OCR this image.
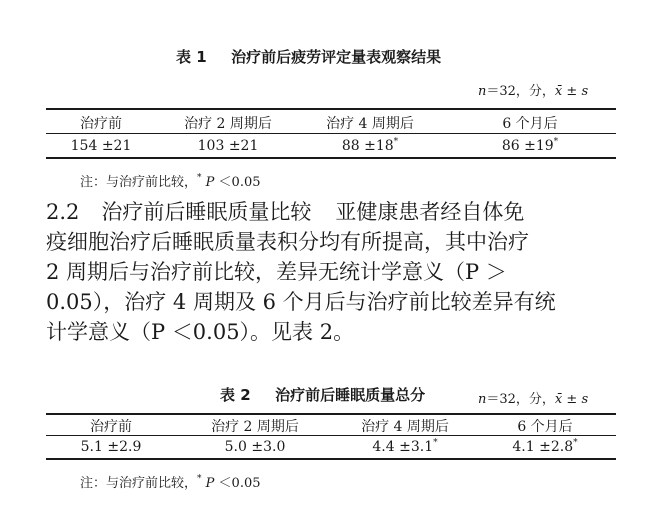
表 1 治疗前后疲劳评定量表观察结果
n＝32，分，x̄ ± s
治疗前	治疗 2 周期后	治疗 4 周期后	6 个月后
154 ±21	103 ±21	88 ±18*	86 ±19*
注：与治疗前比较，* P ＜0.05
2.2 治疗前后睡眠质量比较 亚健康患者经自体免
疫细胞治疗后睡眠质量表积分均有所提高，其中治疗
2 周期后与治疗前比较，差异无统计学意义（P ＞
0.05），治疗 4 周期及 6 个月后与治疗前比较差异有统
计学意义（P ＜0.05）。见表 2。
表 2 治疗前后睡眠质量总分	n＝32，分，x̄ ± s
治疗前	治疗 2 周期后	治疗 4 周期后	6 个月后
5.1 ±2.9	5.0 ±3.0	4.4 ±3.1*	4.1 ±2.8*
注：与治疗前比较，* P ＜0.05
